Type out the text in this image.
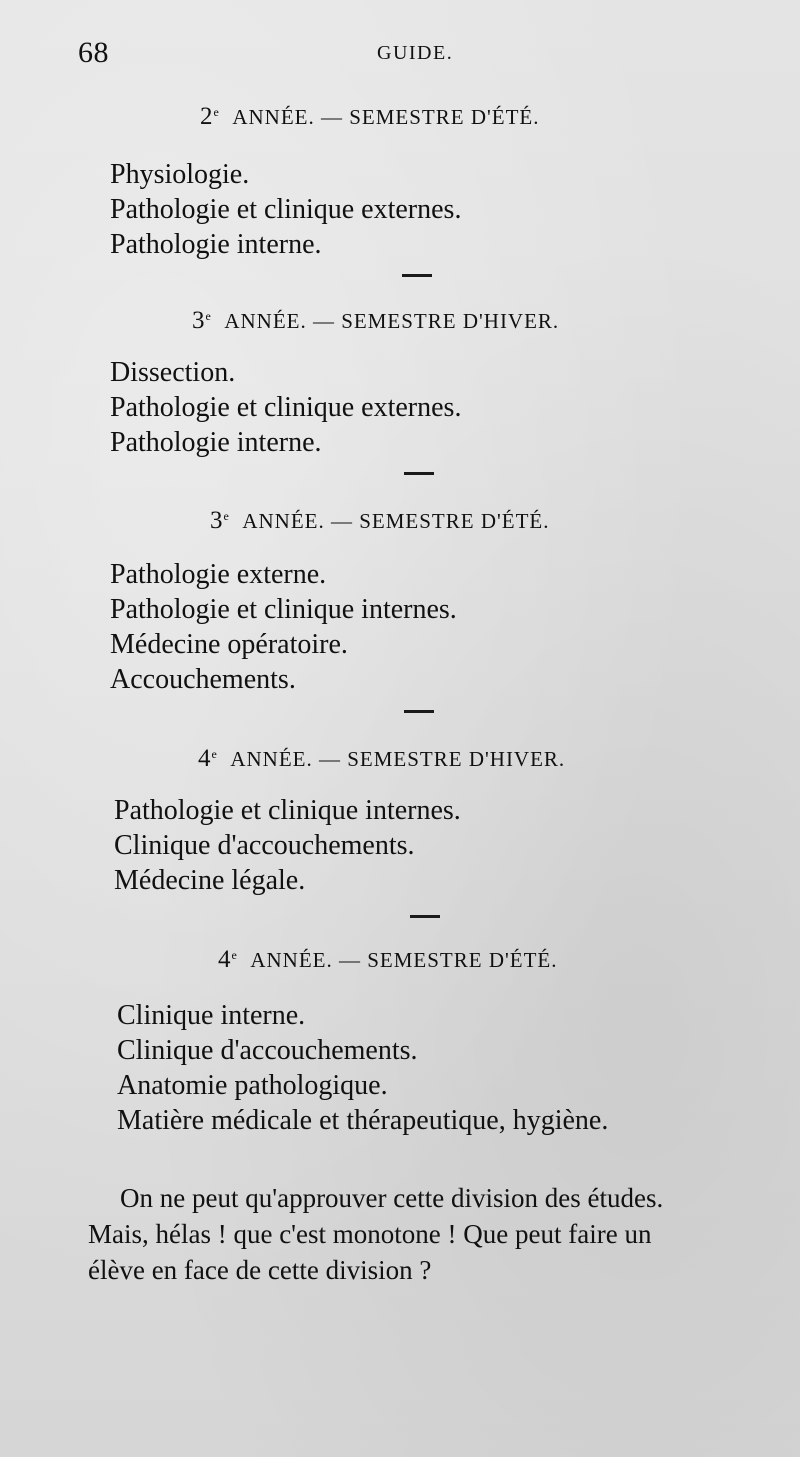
68	GUIDE.
2e ANNÉE. — SEMESTRE D'ÉTÉ.
Physiologie.
Pathologie et clinique externes.
Pathologie interne.
3e ANNÉE. — SEMESTRE D'HIVER.
Dissection.
Pathologie et clinique externes.
Pathologie interne.
3e ANNÉE. — SEMESTRE D'ÉTÉ.
Pathologie externe.
Pathologie et clinique internes.
Médecine opératoire.
Accouchements.
4e ANNÉE. — SEMESTRE D'HIVER.
Pathologie et clinique internes.
Clinique d'accouchements.
Médecine légale.
4e ANNÉE. — SEMESTRE D'ÉTÉ.
Clinique interne.
Clinique d'accouchements.
Anatomie pathologique.
Matière médicale et thérapeutique, hygiène.
On ne peut qu'approuver cette division des études.
Mais, hélas ! que c'est monotone ! Que peut faire un
élève en face de cette division ?
